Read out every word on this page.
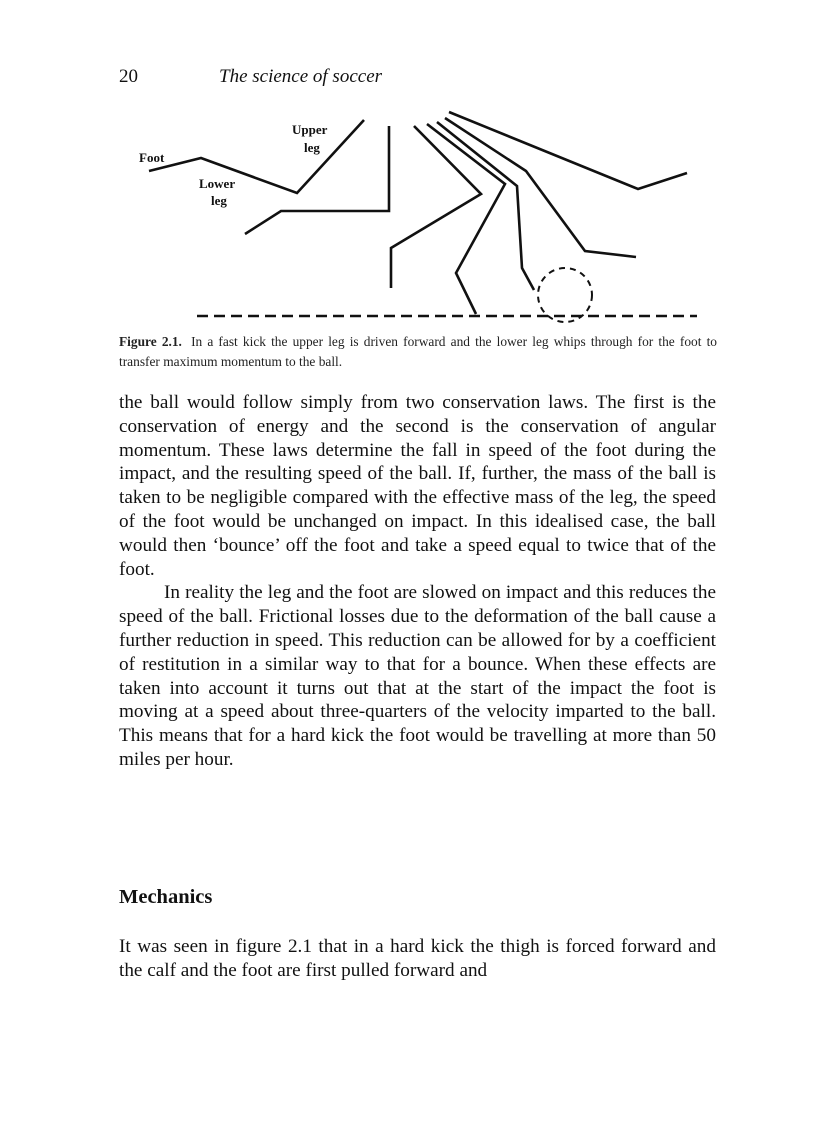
20	The science of soccer
Foot
Upper
leg
Lower
leg
Figure 2.1. In a fast kick the upper leg is driven forward and the lower leg whips through for the foot to transfer maximum momentum to the ball.

the ball would follow simply from two conservation laws. The first is the conservation of energy and the second is the conservation of angular momentum. These laws determine the fall in speed of the foot during the impact, and the resulting speed of the ball. If, further, the mass of the ball is taken to be negligible compared with the effective mass of the leg, the speed of the foot would be unchanged on impact. In this idealised case, the ball would then ‘bounce’ off the foot and take a speed equal to twice that of the foot.

In reality the leg and the foot are slowed on impact and this reduces the speed of the ball. Frictional losses due to the deformation of the ball cause a further reduction in speed. This reduction can be allowed for by a coefficient of restitution in a similar way to that for a bounce. When these effects are taken into account it turns out that at the start of the impact the foot is moving at a speed about three-quarters of the velocity imparted to the ball. This means that for a hard kick the foot would be travelling at more than 50 miles per hour.

Mechanics

It was seen in figure 2.1 that in a hard kick the thigh is forced forward and the calf and the foot are first pulled forward and
